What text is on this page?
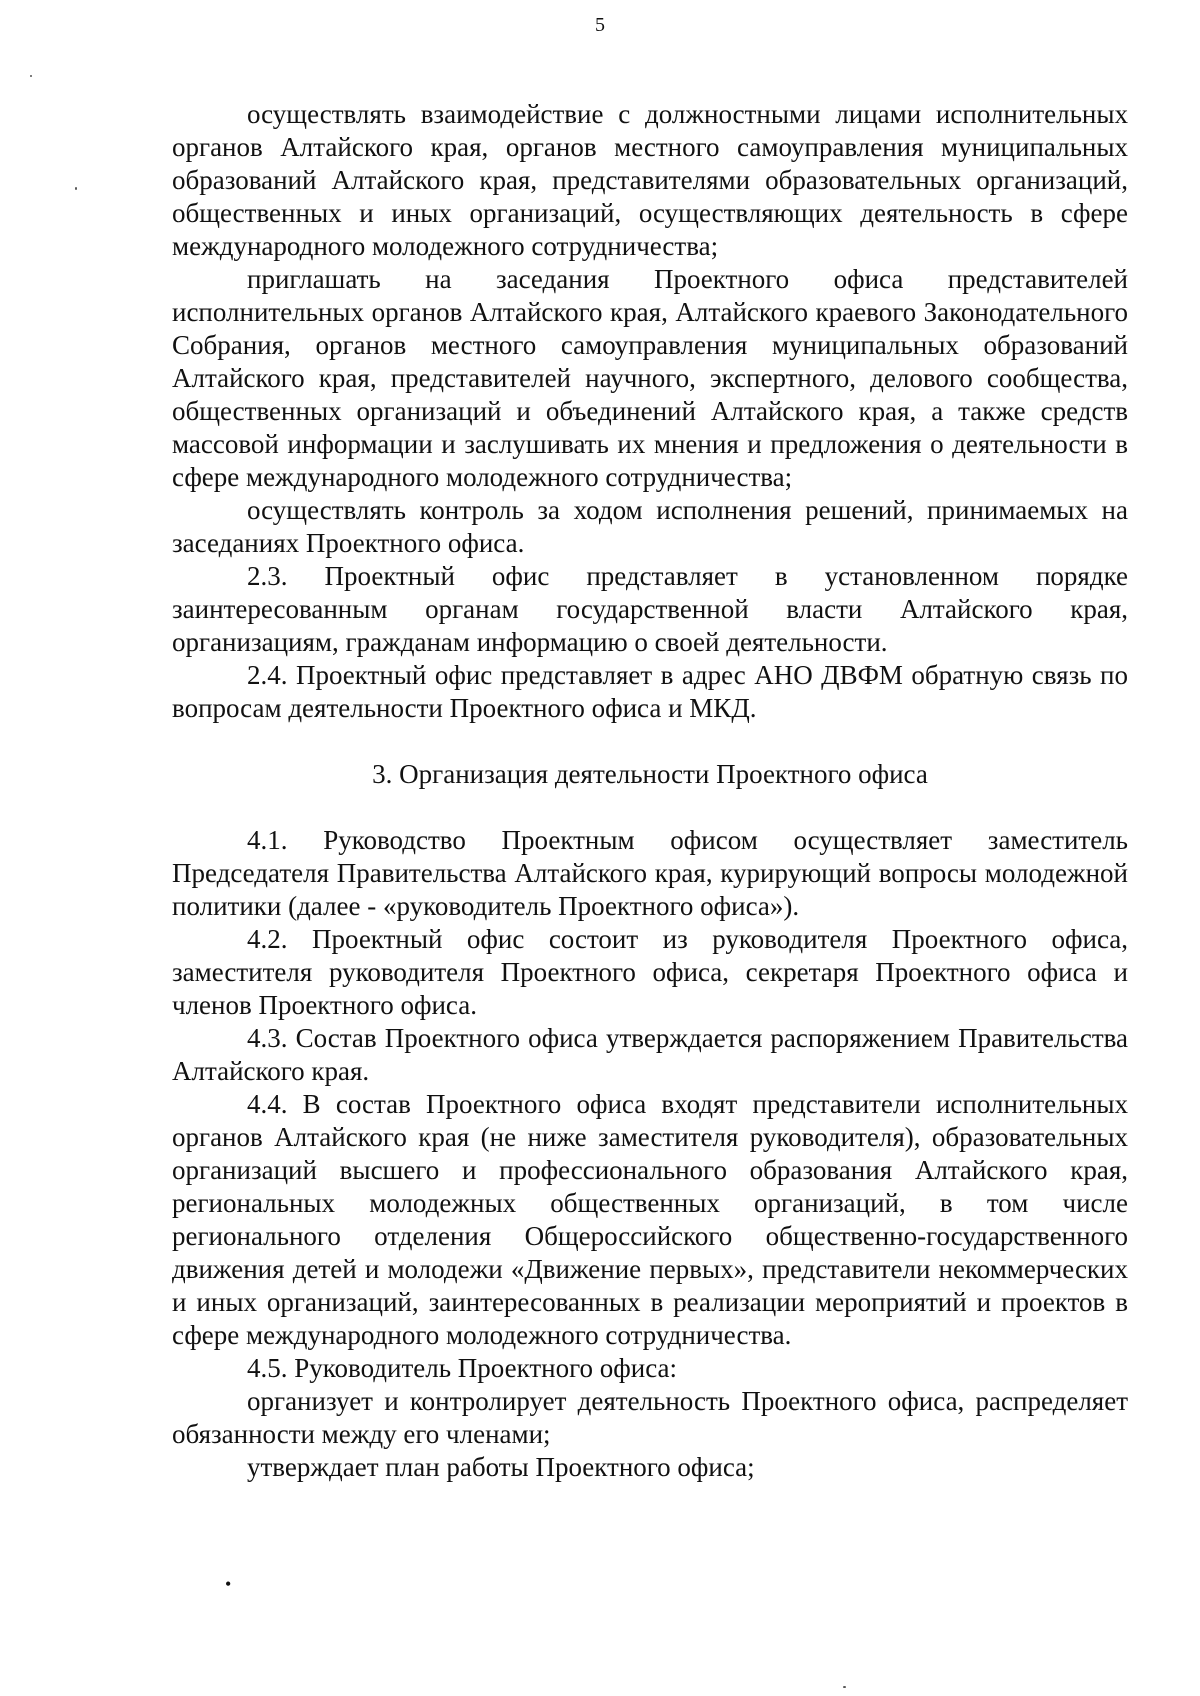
5

осуществлять взаимодействие с должностными лицами исполнительных органов Алтайского края, органов местного самоуправления муниципальных образований Алтайского края, представителями образовательных организаций, общественных и иных организаций, осуществляющих деятельность в сфере международного молодежного сотрудничества;

приглашать на заседания Проектного офиса представителей исполнительных органов Алтайского края, Алтайского краевого Законодательного Собрания, органов местного самоуправления муниципальных образований Алтайского края, представителей научного, экспертного, делового сообщества, общественных организаций и объединений Алтайского края, а также средств массовой информации и заслушивать их мнения и предложения о деятельности в сфере международного молодежного сотрудничества;

осуществлять контроль за ходом исполнения решений, принимаемых на заседаниях Проектного офиса.

2.3. Проектный офис представляет в установленном порядке заинтересованным органам государственной власти Алтайского края, организациям, гражданам информацию о своей деятельности.

2.4. Проектный офис представляет в адрес АНО ДВФМ обратную связь по вопросам деятельности Проектного офиса и МКД.

3. Организация деятельности Проектного офиса

4.1. Руководство Проектным офисом осуществляет заместитель Председателя Правительства Алтайского края, курирующий вопросы молодежной политики (далее - «руководитель Проектного офиса»).

4.2. Проектный офис состоит из руководителя Проектного офиса, заместителя руководителя Проектного офиса, секретаря Проектного офиса и членов Проектного офиса.

4.3. Состав Проектного офиса утверждается распоряжением Правительства Алтайского края.

4.4. В состав Проектного офиса входят представители исполнительных органов Алтайского края (не ниже заместителя руководителя), образовательных организаций высшего и профессионального образования Алтайского края, региональных молодежных общественных организаций, в том числе регионального отделения Общероссийского общественно-государственного движения детей и молодежи «Движение первых», представители некоммерческих и иных организаций, заинтересованных в реализации мероприятий и проектов в сфере международного молодежного сотрудничества.

4.5. Руководитель Проектного офиса:

организует и контролирует деятельность Проектного офиса, распределяет обязанности между его членами;

утверждает план работы Проектного офиса;

•
